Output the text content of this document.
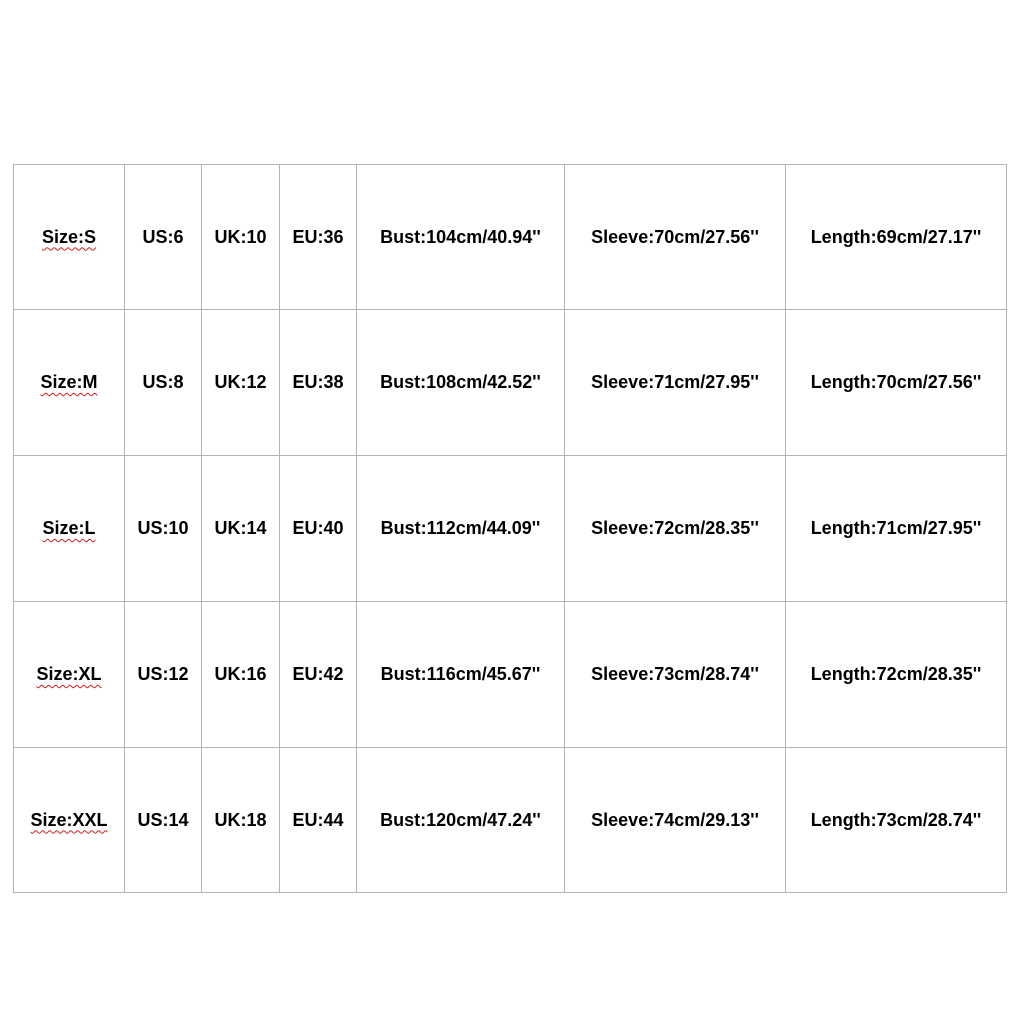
Size:S	US:6	UK:10	EU:36	Bust:104cm/40.94''	Sleeve:70cm/27.56''	Length:69cm/27.17''
Size:M	US:8	UK:12	EU:38	Bust:108cm/42.52''	Sleeve:71cm/27.95''	Length:70cm/27.56''
Size:L	US:10	UK:14	EU:40	Bust:112cm/44.09''	Sleeve:72cm/28.35''	Length:71cm/27.95''
Size:XL	US:12	UK:16	EU:42	Bust:116cm/45.67''	Sleeve:73cm/28.74''	Length:72cm/28.35''
Size:XXL	US:14	UK:18	EU:44	Bust:120cm/47.24''	Sleeve:74cm/29.13''	Length:73cm/28.74''
